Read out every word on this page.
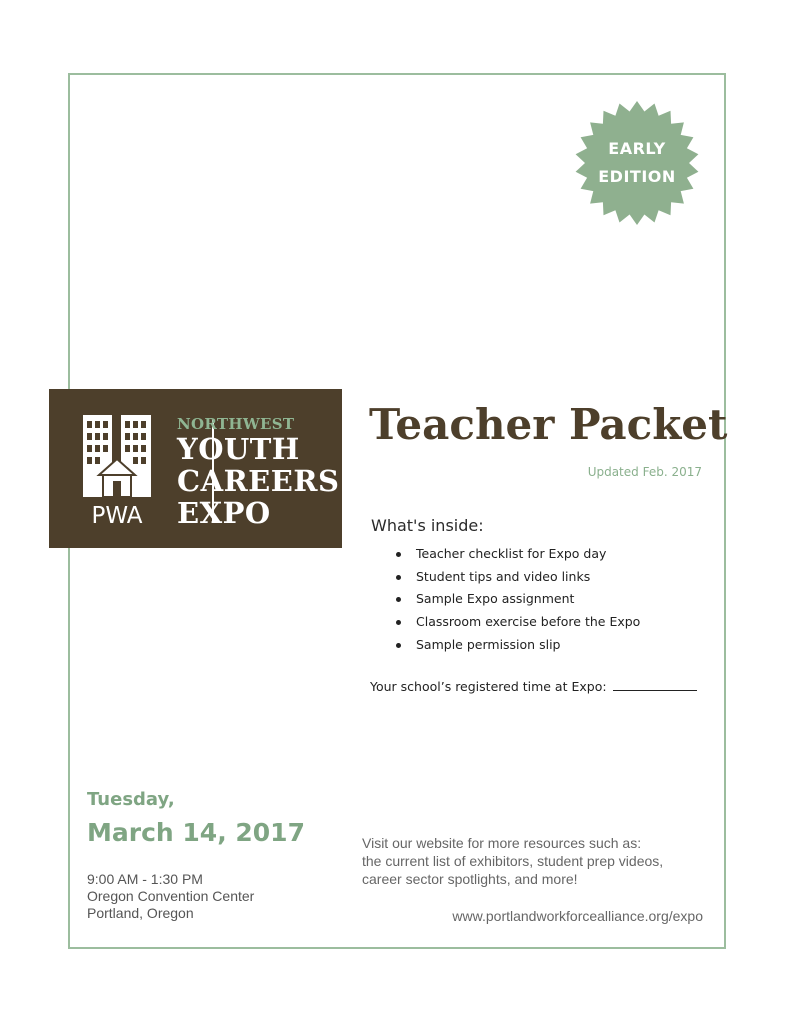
EARLY
EDITION
PWA
NORTHWEST
YOUTH
CAREERS
EXPO
Teacher Packet
Updated Feb. 2017
What's inside:
Teacher checklist for Expo day
Student tips and video links
Sample Expo assignment
Classroom exercise before the Expo
Sample permission slip
Your school’s registered time at Expo:
Tuesday,
March 14, 2017
9:00 AM - 1:30 PM
Oregon Convention Center
Portland, Oregon
Visit our website for more resources such as:
the current list of exhibitors, student prep videos,
career sector spotlights, and more!
www.portlandworkforcealliance.org/expo
